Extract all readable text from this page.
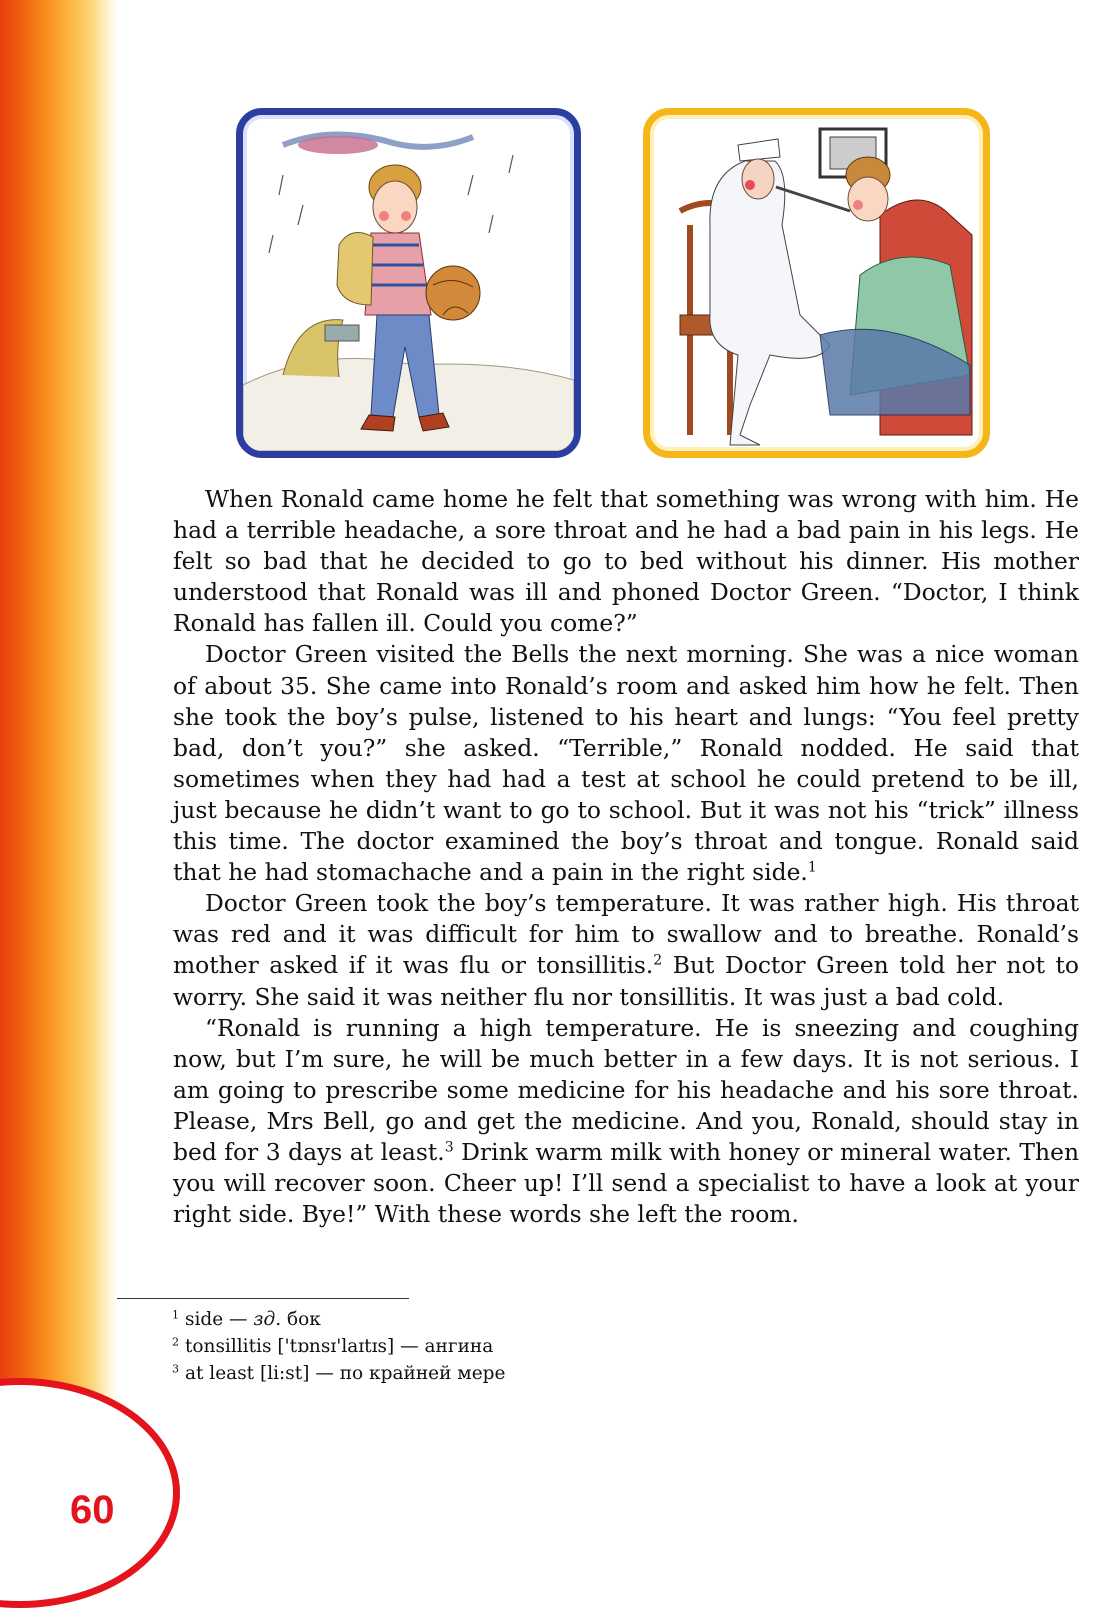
When Ronald came home he felt that something was wrong with him. He had a terrible headache, a sore throat and he had a bad pain in his legs. He felt so bad that he decided to go to bed without his dinner. His mother understood that Ronald was ill and phoned Doctor Green. “Doctor, I think Ronald has fallen ill. Could you come?”

Doctor Green visited the Bells the next morning. She was a nice woman of about 35. She came into Ronald’s room and asked him how he felt. Then she took the boy’s pulse, listened to his heart and lungs: “You feel pretty bad, don’t you?” she asked. “Terrible,” Ronald nodded. He said that sometimes when they had had a test at school he could pretend to be ill, just because he didn’t want to go to school. But it was not his “trick” illness this time. The doctor examined the boy’s throat and tongue. Ronald said that he had stomachache and a pain in the right side.$^1$

Doctor Green took the boy’s temperature. It was rather high. His throat was red and it was difficult for him to swallow and to breathe. Ronald’s mother asked if it was flu or tonsillitis.$^2$ But Doctor Green told her not to worry. She said it was neither flu nor tonsillitis. It was just a bad cold.

“Ronald is running a high temperature. He is sneezing and coughing now, but I’m sure, he will be much better in a few days. It is not serious. I am going to prescribe some medicine for his headache and his sore throat. Please, Mrs Bell, go and get the medicine. And you, Ronald, should stay in bed for 3 days at least.$^3$ Drink warm milk with honey or mineral water. Then you will recover soon. Cheer up! I’ll send a specialist to have a look at your right side. Bye!” With these words she left the room.

$^1$ side — зд. бок
$^2$ tonsillitis ['tɒnsɪ'laɪtɪs] — ангина
$^3$ at least [li:st] — по крайней мере
60
